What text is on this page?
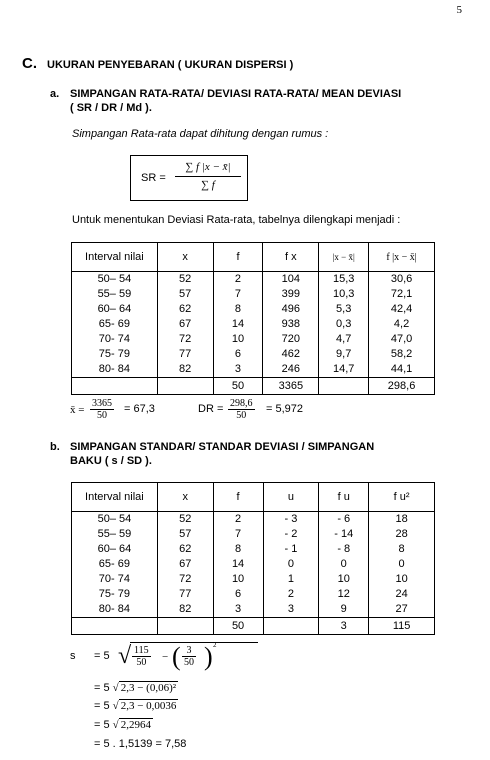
5
C. UKURAN PENYEBARAN ( UKURAN DISPERSI )
a. SIMPANGAN RATA-RATA/ DEVIASI RATA-RATA/ MEAN DEVIASI
( SR / DR / Md ).
Simpangan Rata-rata dapat dihitung dengan rumus :
SR = $\frac{\sum f |x - x̄|}{\sum f}$
Untuk menentukan Deviasi Rata-rata, tabelnya dilengkapi menjadi :
Interval nilai	x	f	f x	|x − x̄|	f |x − x̄|
50– 54	52	2	104	15,3	30,6
55– 59	57	7	399	10,3	72,1
60– 64	62	8	496	5,3	42,4
65- 69	67	14	938	0,3	4,2
70- 74	72	10	720	4,7	47,0
75- 79	77	6	462	9,7	58,2
80- 84	82	3	246	14,7	44,1
		50	3365		298,6
x̄ = $\frac{3365}{50} = 67,3$	DR = $\frac{298,6}{50} = 5,972$
b. SIMPANGAN STANDAR/ STANDAR DEVIASI / SIMPANGAN
BAKU ( s / SD ).
Interval nilai	x	f	u	f u	f u²
50– 54	52	2	- 3	- 6	18
55– 59	57	7	- 2	- 14	28
60– 64	62	8	- 1	- 8	8
65- 69	67	14	0	0	0
70- 74	72	10	1	10	10
75- 79	77	6	2	12	24
80- 84	82	3	3	9	27
		50		3	115
s = 5 √ $\frac{115}{50}$ − ( $\frac{3}{50}$ ) 2
= 5 √ 2,3 − (0,06)²
= 5 √ 2,3 − 0,0036
= 5 √ 2,2964
= 5 . 1,5139 = 7,58
